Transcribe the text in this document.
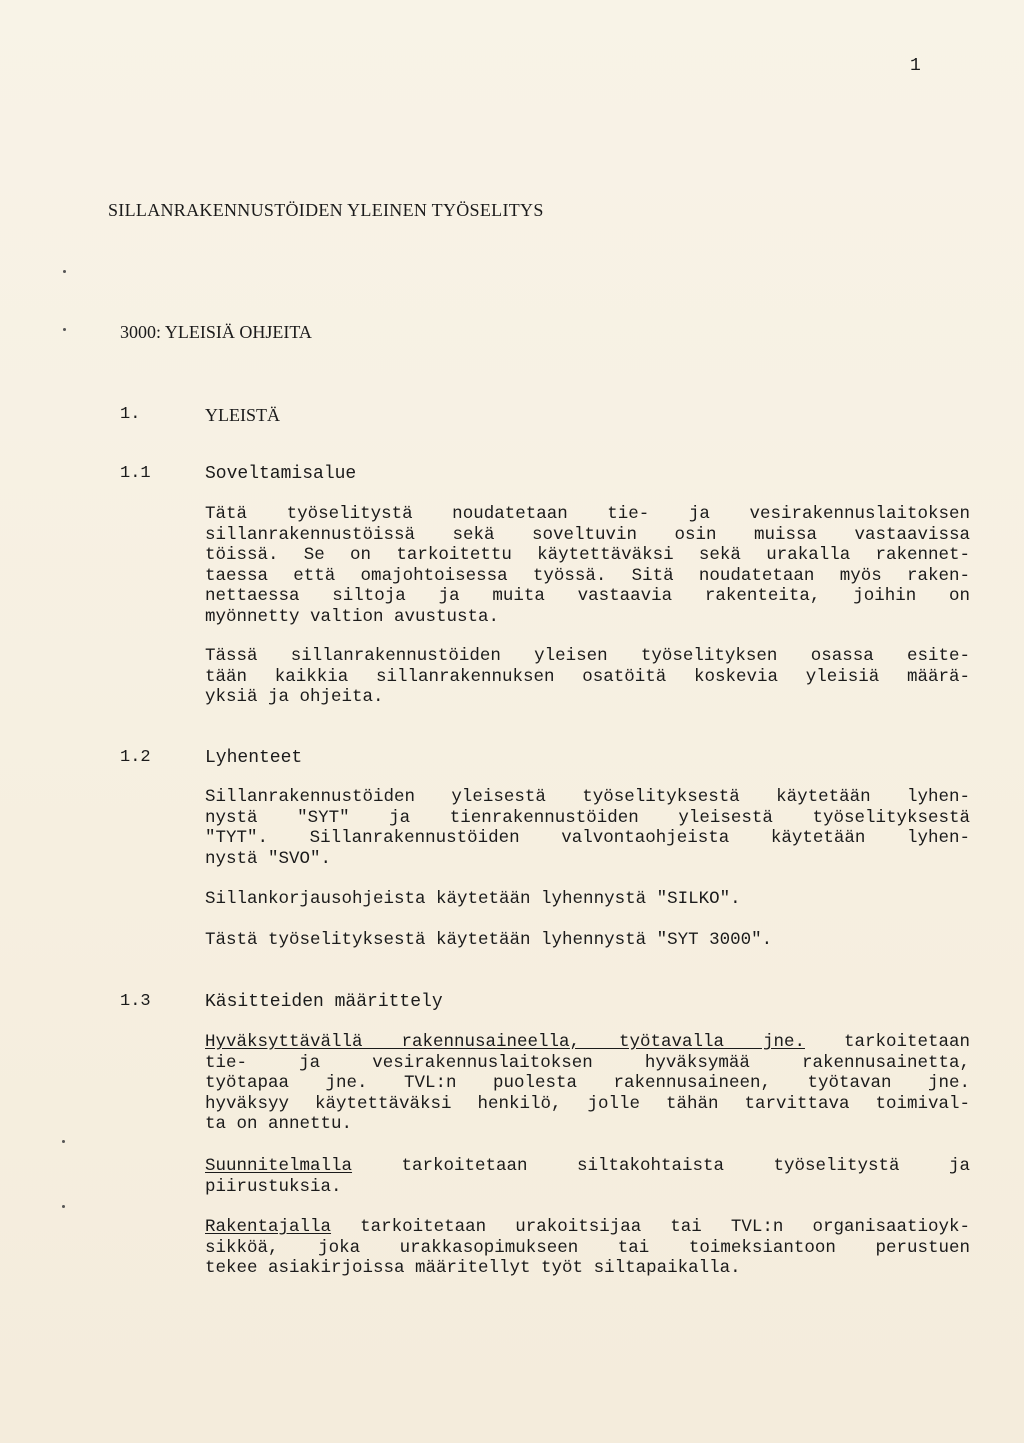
1
SILLANRAKENNUSTÖIDEN YLEINEN TYÖSELITYS
3000: YLEISIÄ OHJEITA
1.	YLEISTÄ
1.1	Soveltamisalue
Tätä työselitystä noudatetaan tie- ja vesirakennuslaitoksen
sillanrakennustöissä sekä soveltuvin osin muissa vastaavissa
töissä. Se on tarkoitettu käytettäväksi sekä urakalla rakennet-
taessa että omajohtoisessa työssä. Sitä noudatetaan myös raken-
nettaessa siltoja ja muita vastaavia rakenteita, joihin on
myönnetty valtion avustusta.
Tässä sillanrakennustöiden yleisen työselityksen osassa esite-
tään kaikkia sillanrakennuksen osatöitä koskevia yleisiä määrä-
yksiä ja ohjeita.
1.2	Lyhenteet
Sillanrakennustöiden yleisestä työselityksestä käytetään lyhen-
nystä "SYT" ja tienrakennustöiden yleisestä työselityksestä
"TYT". Sillanrakennustöiden valvontaohjeista käytetään lyhen-
nystä "SVO".
Sillankorjausohjeista käytetään lyhennystä "SILKO".
Tästä työselityksestä käytetään lyhennystä "SYT 3000".
1.3	Käsitteiden määrittely
Hyväksyttävällä rakennusaineella, työtavalla jne. tarkoitetaan
tie- ja vesirakennuslaitoksen hyväksymää rakennusainetta,
työtapaa jne. TVL:n puolesta rakennusaineen, työtavan jne.
hyväksyy käytettäväksi henkilö, jolle tähän tarvittava toimival-
ta on annettu.
Suunnitelmalla	tarkoitetaan siltakohtaista työselitystä ja
piirustuksia.
Rakentajalla tarkoitetaan urakoitsijaa tai TVL:n organisaatioyk-
sikköä, joka urakkasopimukseen tai toimeksiantoon perustuen
tekee asiakirjoissa määritellyt työt siltapaikalla.
